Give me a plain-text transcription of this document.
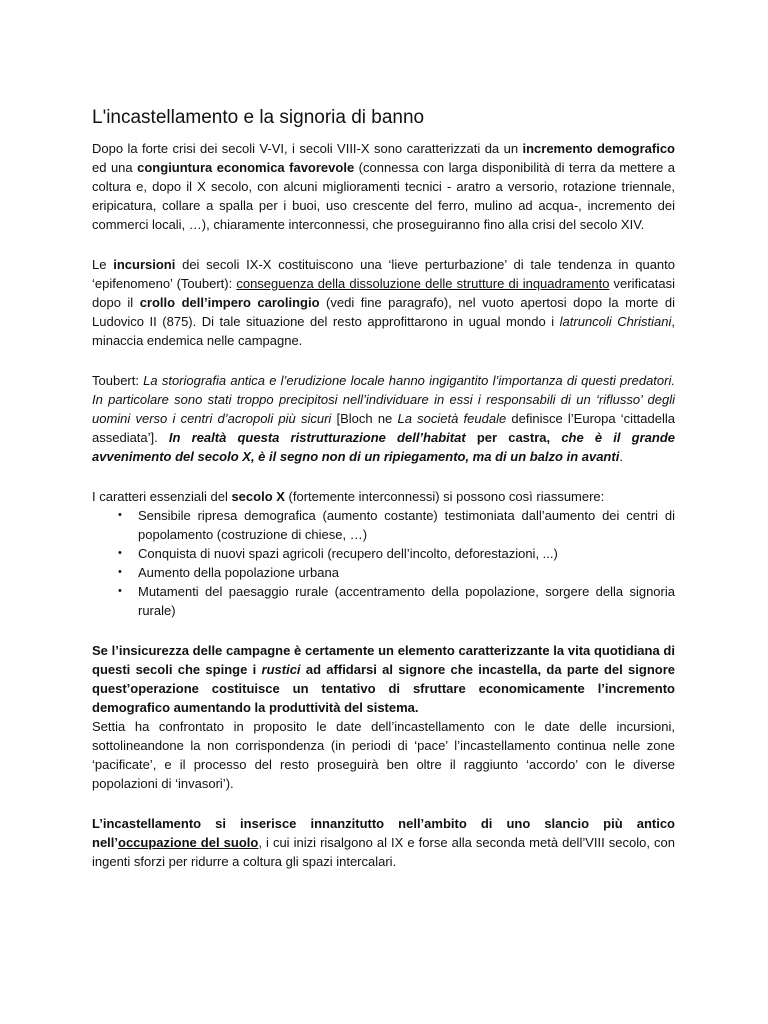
L'incastellamento e la signoria di banno

Dopo la forte crisi dei secoli V-VI, i secoli VIII-X sono caratterizzati da un incremento demografico ed una congiuntura economica favorevole (connessa con larga disponibilità di terra da mettere a coltura e, dopo il X secolo, con alcuni miglioramenti tecnici - aratro a versorio, rotazione triennale, eripicatura, collare a spalla per i buoi, uso crescente del ferro, mulino ad acqua-, incremento dei commerci locali, …), chiaramente interconnessi, che proseguiranno fino alla crisi del secolo XIV.

Le incursioni dei secoli IX-X costituiscono una ‘lieve perturbazione’ di tale tendenza in quanto ‘epifenomeno’ (Toubert): conseguenza della dissoluzione delle strutture di inquadramento verificatasi dopo il crollo dell’impero carolingio (vedi fine paragrafo), nel vuoto apertosi dopo la morte di Ludovico II (875). Di tale situazione del resto approfittarono in ugual mondo i latruncoli Christiani, minaccia endemica nelle campagne.

Toubert: La storiografia antica e l’erudizione locale hanno ingigantito l’importanza di questi predatori. In particolare sono stati troppo precipitosi nell’individuare in essi i responsabili di un ‘riflusso’ degli uomini verso i centri d’acropoli più sicuri [Bloch ne La società feudale definisce l’Europa ‘cittadella assediata’]. In realtà questa ristrutturazione dell’habitat per castra, che è il grande avvenimento del secolo X, è il segno non di un ripiegamento, ma di un balzo in avanti.

I caratteri essenziali del secolo X (fortemente interconnessi) si possono così riassumere:

• Sensibile ripresa demografica (aumento costante) testimoniata dall’aumento dei centri di popolamento (costruzione di chiese, …)
• Conquista di nuovi spazi agricoli (recupero dell’incolto, deforestazioni, ...)
• Aumento della popolazione urbana
• Mutamenti del paesaggio rurale (accentramento della popolazione, sorgere della signoria rurale)

Se l’insicurezza delle campagne è certamente un elemento caratterizzante la vita quotidiana di questi secoli che spinge i rustici ad affidarsi al signore che incastella, da parte del signore quest’operazione costituisce un tentativo di sfruttare economicamente l’incremento demografico aumentando la produttività del sistema.

Settia ha confrontato in proposito le date dell’incastellamento con le date delle incursioni, sottolineandone la non corrispondenza (in periodi di ‘pace’ l’incastellamento continua nelle zone ‘pacificate’, e il processo del resto proseguirà ben oltre il raggiunto ‘accordo’ con le diverse popolazioni di ‘invasori’).

L’incastellamento si inserisce innanzitutto nell’ambito di uno slancio più antico nell’occupazione del suolo, i cui inizi risalgono al IX e forse alla seconda metà dell’VIII secolo, con ingenti sforzi per ridurre a coltura gli spazi intercalari.
